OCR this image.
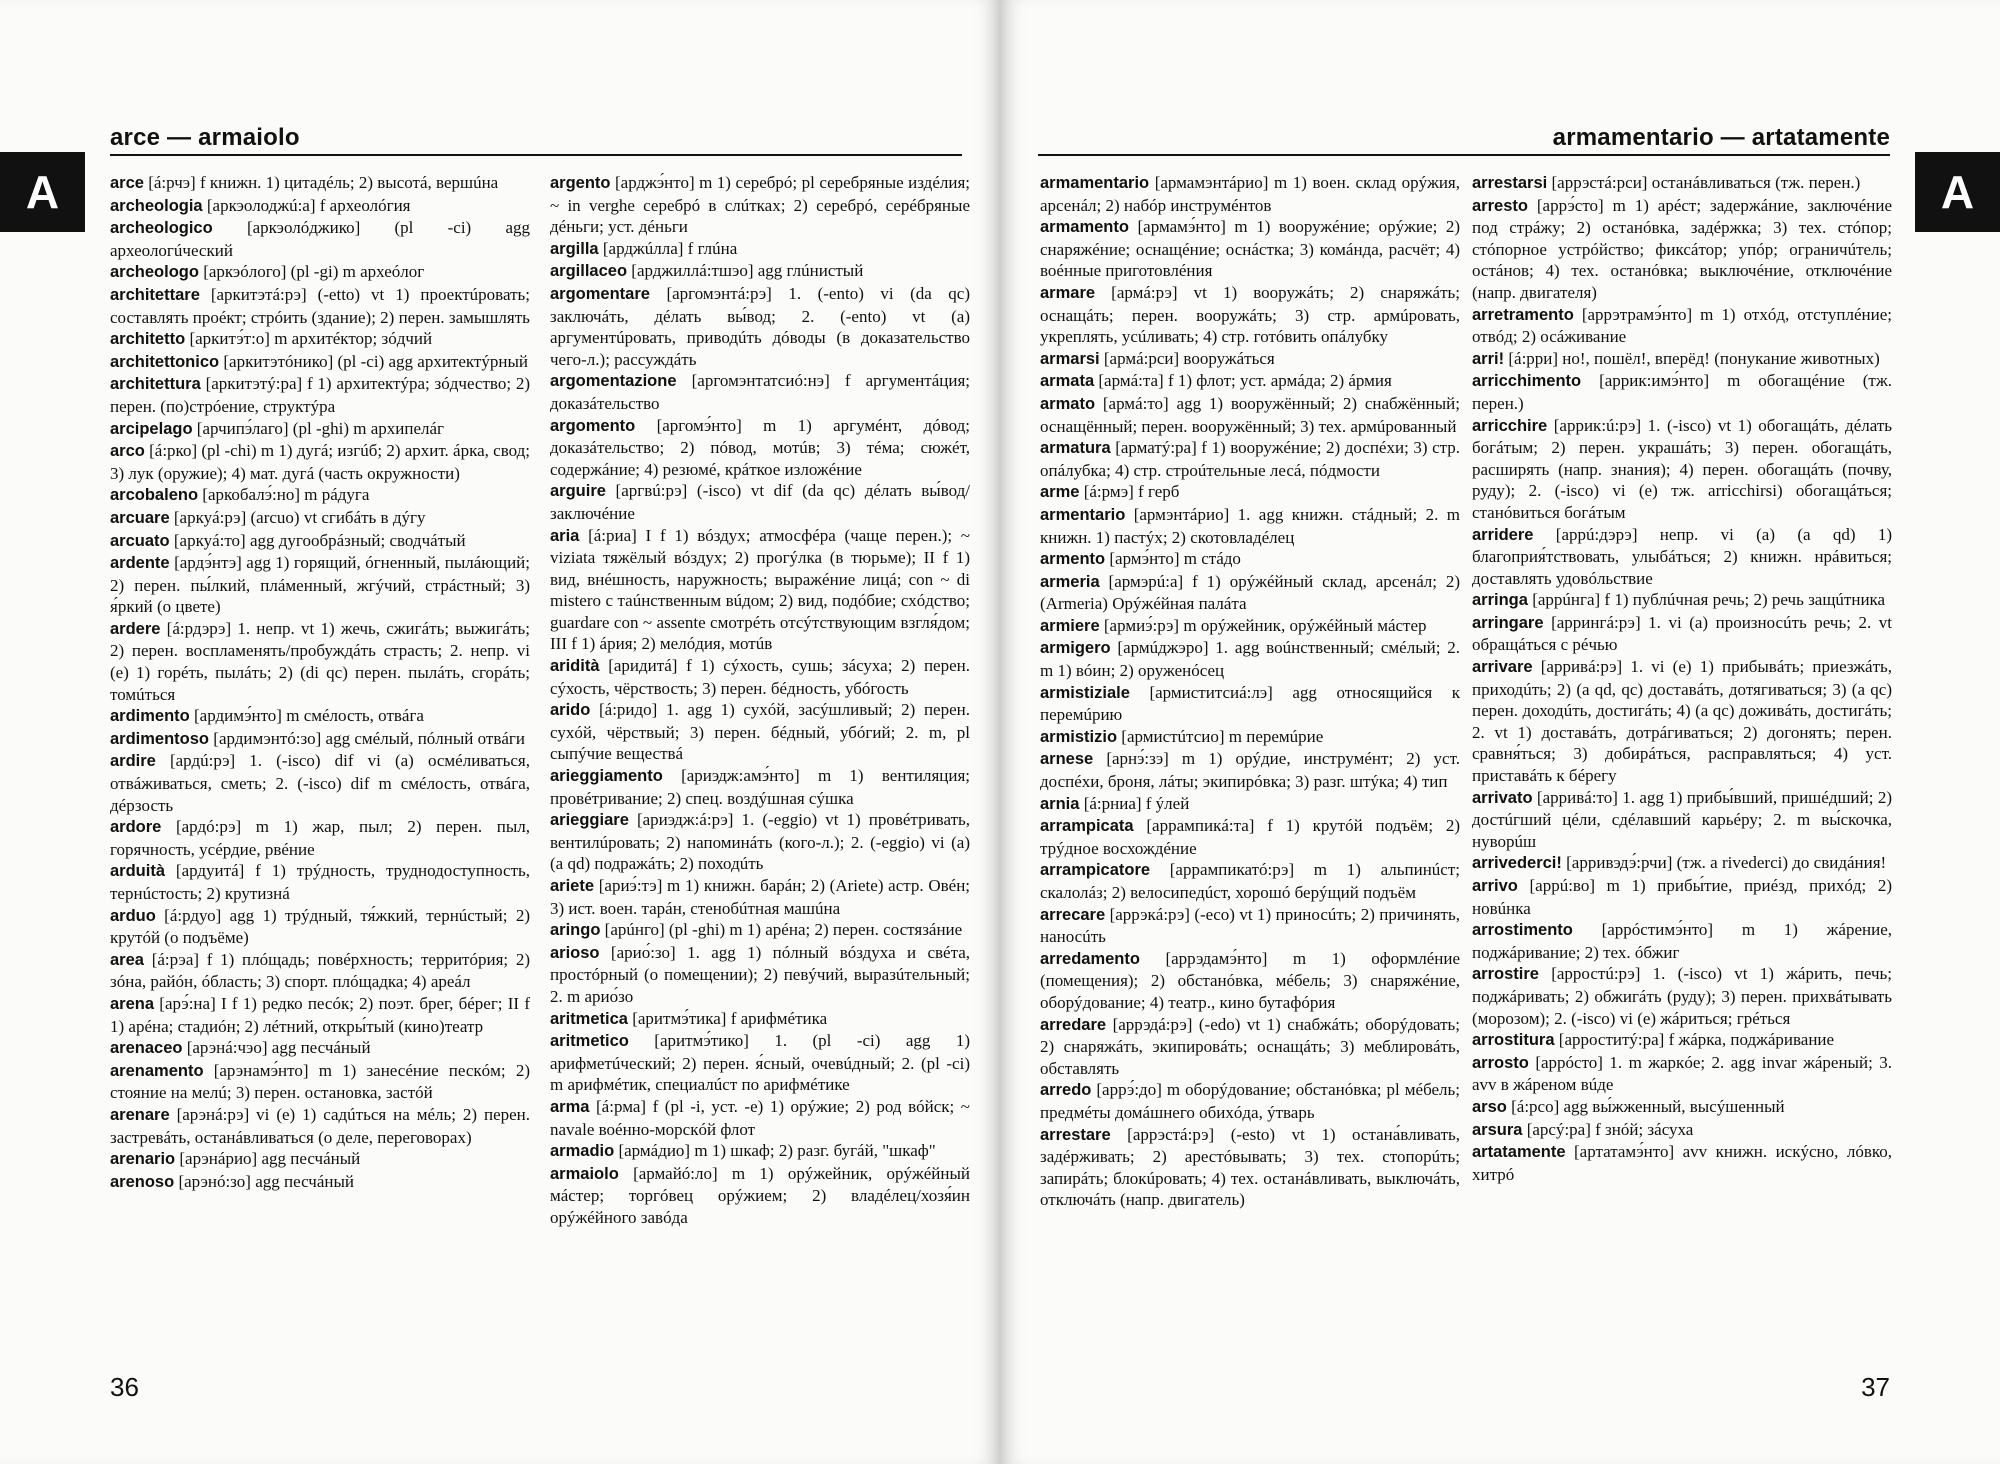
arce — armaiolo
A	arce [á:рчэ] f книжн. 1) цитадéль; 2) высотá, вершúна

archeologia [аркэолоджú:а] f археолóгия

archeologico [аркэолóджико] (pl -ci) agg археологúческий

archeologo [аркэóлого] (pl -gi) m археóлог

architettare [аркитэтá:рэ] (-etto) vt 1) проектúровать; составлять проéкт; стрóить (здание); 2) перен. замышлять

architetto [аркитэ́т:о] m архитéктор; зóдчий

architettonico [аркитэтóнико] (pl -ci) agg архитектýрный

architettura [аркитэтý:ра] f 1) архитектýра; зóдчество; 2) перен. (по)стрóение, структýра

arcipelago [арчипэ́лаго] (pl -ghi) m архипелáг

arco [á:рко] (pl -chi) m 1) дугá; изгúб; 2) архит. áрка, свод; 3) лук (оружие); 4) мат. дугá (часть окружности)

arcobaleno [аркобалэ́:но] m рáдуга

arcuare [аркуá:рэ] (arcuo) vt сгибáть в дýгу

arcuato [аркуá:то] agg дугообрáзный; сводчáтый

ardente [ардэ́нтэ] agg 1) горящий, óгненный, пылáющий; 2) перен. пы́лкий, плáменный, жгýчий, стрáстный; 3) я́ркий (о цвете)

ardere [á:рдэрэ] 1. непр. vt 1) жечь, сжигáть; выжигáть; 2) перен. воспламенять/пробуждáть страсть; 2. непр. vi (e) 1) горéть, пылáть; 2) (di qc) перен. пылáть, сгорáть; томúться

ardimento [ардимэ́нто] m смéлость, отвáга

ardimentoso [ардимэнтó:зо] agg смéлый, пóлный отвáги

ardire [ардú:рэ] 1. (-isco) dif vi (a) осмéливаться, отвáживаться, сметь; 2. (-isco) dif m смéлость, отвáга, дéрзость

ardore [ардó:рэ] m 1) жар, пыл; 2) перен. пыл, горячность, усéрдие, рвéние

arduità [ардуитá] f 1) трýдность, труднодоступность, тернúстость; 2) крутизнá

arduo [á:рдуо] agg 1) трýдный, тя́жкий, тернúстый; 2) крутóй (о подъёме)

area [á:рэа] f 1) плóщадь; повéрхность; территóрия; 2) зóна, райóн, óбласть; 3) спорт. плóщадка; 4) ареáл

arena [арэ́:на] I f 1) редко песóк; 2) поэт. брег, бéрег; II f 1) арéна; стадиóн; 2) лéтний, откры́тый (кино)театр

arenaceo [арэнá:чэо] agg песчáный

arenamento [арэнамэ́нто] m 1) занесéние пескóм; 2) стояние на мелú; 3) перен. остановка, застóй

arenare [арэнá:рэ] vi (e) 1) садúться на мéль; 2) перен. застревáть, останáвливаться (о деле, переговорах)

arenario [арэнáрио] agg песчáный

arenoso [арэнó:зо] agg песчáный

argento [арджэ́нто] m 1) серебрó; pl серебряные издéлия; ~ in verghe серебрó в слúтках; 2) серебрó, серéбряные дéньги; уст. дéньги

argilla [арджúлла] f глúна

argillaceo [арджиллá:тшэо] agg глúнистый

argomentare [аргомэнтá:рэ] 1. (-ento) vi (da qc) заключáть, дéлать вы́вод; 2. (-ento) vt (a) аргументúровать, приводúть дóводы (в доказательство чего-л.); рассуждáть

argomentazione [аргомэнтатсиó:нэ] f аргументáция; доказáтельство

argomento [аргомэ́нто] m 1) аргумéнт, дóвод; доказáтельство; 2) пóвод, мотúв; 3) тéма; сюжéт, содержáние; 4) резюмé, крáткое изложéние

arguire [аргвú:рэ] (-isco) vt dif (da qc) дéлать вы́вод/заключéние

aria [á:риа] I f 1) вóздух; атмосфéра (чаще перен.); ~ viziata тяжёлый вóздух; 2) прогýлка (в тюрьме); II f 1) вид, внéшность, наружность; выражéние лицá; con ~ di mistero с таúнственным вúдом; 2) вид, подóбие; схóдство; guardare con ~ assente смотрéть отсýтствующим взгля́дом; III f 1) áрия; 2) мелóдия, мотúв

aridità [аридитá] f 1) сýхость, сушь; зáсуха; 2) перен. сýхость, чёрствость; 3) перен. бéдность, убóгость

arido [á:ридо] 1. agg 1) сухóй, засýшливый; 2) перен. сухóй, чёрствый; 3) перен. бéдный, убóгий; 2. m, pl сыпýчие веществá

arieggiamento [ариэдж:амэ́нто] m 1) вентиляция; провéтривание; 2) спец. воздýшная сýшка

arieggiare [ариэдж:á:рэ] 1. (-eggio) vt 1) провéтривать, вентилúровать; 2) напоминáть (кого-л.); 2. (-eggio) vi (a) (a qd) подражáть; 2) походúть

ariete [ариэ́:тэ] m 1) книжн. барáн; 2) (Ariete) астр. Овéн; 3) ист. воен. тарáн, стенобúтная машúна

aringo [арúнго] (pl -ghi) m 1) арéна; 2) перен. состязáние

arioso [арио́:зо] 1. agg 1) пóлный вóздуха и свéта, простóрный (о помещении); 2) певýчий, выразúтельный; 2. m арио́зо

aritmetica [аритмэ́тика] f арифмéтика

aritmetico [аритмэ́тико] 1. (pl -ci) agg 1) арифметúческий; 2) перен. я́сный, очевúдный; 2. (pl -ci) m арифмéтик, специалúст по арифмéтике

arma [á:рма] f (pl -i, уст. -e) 1) орýжие; 2) род вóйск; ~ navale воéнно-морскóй флот

armadio [армáдио] m 1) шкаф; 2) разг. бугáй, "шкаф"

armaiolo [армайó:ло] m 1) орýжейник, орýжéйный мáстер; торгóвец орýжием; 2) владéлец/хозя́ин орýжéйного завóда

36
armamentario — artatamente
A

armamentario [армамэнтáрио] m 1) воен. склад орýжия, арсенáл; 2) набóр инструмéнтов

armamento [армамэ́нто] m 1) вооружéние; орýжие; 2) снаряжéние; оснащéние; оснáстка; 3) комáнда, расчёт; 4) воéнные приготовлéния

armare [армá:рэ] vt 1) вооружáть; 2) снаряжáть; оснащáть; перен. вооружáть; 3) стр. армúровать, укреплять, усúливать; 4) стр. готóвить опáлубку

armarsi [армá:рси] вооружáться

armata [армá:та] f 1) флот; уст. армáда; 2) áрмия

armato [армá:то] agg 1) вооружённый; 2) снабжённый; оснащённый; перен. вооружённый; 3) тех. армúрованный

armatura [арматý:ра] f 1) вооружéние; 2) доспéхи; 3) стр. опáлубка; 4) стр. строúтельные лесá, пóдмости

arme [á:рмэ] f герб

armentario [армэнтáрио] 1. agg книжн. стáдный; 2. m книжн. 1) пастýх; 2) скотовладéлец

armento [армэ́нто] m стáдо

armeria [армэрú:а] f 1) орýжéйный склад, арсенáл; 2) (Armeria) Орýжéйная палáта

armiere [армиэ́:рэ] m орýжейник, орýжéйный мáстер

armigero [армúджэро] 1. agg воúнственный; смéлый; 2. m 1) вóин; 2) оруженóсец

armistiziale [армиститсиá:лэ] agg относящийся к перемúрию

armistizio [армистúтсио] m перемúрие

arnese [арнэ́:зэ] m 1) орýдие, инструмéнт; 2) уст. доспéхи, броня, лáты; экипирóвка; 3) разг. штýка; 4) тип

arnia [á:рниа] f ýлей

arrampicata [аррампикá:та] f 1) крутóй подъём; 2) трýдное восхождéние

arrampicatore [аррампикатó:рэ] m 1) альпинúст; скалолáз; 2) велосипедúст, хорошó берýщий подъём

arrecare [аррэкá:рэ] (-eco) vt 1) приносúть; 2) причинять, наносúть

arredamento [аррэдамэ́нто] m 1) оформлéние (помещения); 2) обстанóвка, мéбель; 3) снаряжéние, оборýдование; 4) театр., кино бутафóрия

arredare [аррэдá:рэ] (-edo) vt 1) снабжáть; оборýдовать; 2) снаряжáть, экипировáть; оснащáть; 3) меблировáть, обставлять

arredo [аррэ́:до] m оборýдование; обстанóвка; pl мéбель; предмéты домáшнего обихóда, ýтварь

arrestare [аррэстá:рэ] (-esto) vt 1) остана́вливать, задéрживать; 2) арестóвывать; 3) тех. стопорúть; запирáть; блокúровать; 4) тех. останáвливать, выключáть, отключáть (напр. двигатель)

arrestarsi [аррэстá:рси] останáвливаться (тж. перен.)

arresto [аррэ́сто] m 1) арéст; задержáние, заключéние под стрáжу; 2) останóвка, задéржка; 3) тех. стóпор; стóпорное устрóйство; фиксáтор; упóр; ограничúтель; остáнов; 4) тех. останóвка; выключéние, отключéние (напр. двигателя)

arretramento [аррэтрамэ́нто] m 1) отхóд, отступлéние; отвóд; 2) осáживание

arri! [á:рри] но!, пошёл!, вперёд! (понукание животных)

arricchimento [аррик:имэ́нто] m обогащéние (тж. перен.)

arricchire [аррик:ú:рэ] 1. (-isco) vt 1) обогащáть, дéлать богáтым; 2) перен. украшáть; 3) перен. обогащáть, расширять (напр. знания); 4) перен. обогащáть (почву, руду); 2. (-isco) vi (e) тж. arricchirsi) обогащáться; станóвиться богáтым

arridere [аррú:дэрэ] непр. vi (a) (a qd) 1) благоприя́тствовать, улыбáться; 2) книжн. нрáвиться; доставлять удовóльствие

arringa [аррúнга] f 1) публúчная речь; 2) речь защúтника

arringare [аррингá:рэ] 1. vi (a) произносúть речь; 2. vt обращáться с рéчью

arrivare [арривá:рэ] 1. vi (e) 1) прибывáть; приезжáть, приходúть; 2) (a qd, qc) доставáть, дотягиваться; 3) (a qc) перен. доходúть, достигáть; 4) (a qc) доживáть, достигáть; 2. vt 1) доставáть, дотрáгиваться; 2) догонять; перен. сравня́ться; 3) добирáться, расправляться; 4) уст. приставáть к бéрегу

arrivato [арривá:то] 1. agg 1) прибы́вший, пришéдший; 2) достúгший цéли, сдéлавший карьéру; 2. m вы́скочка, нуворúш

arrivederci! [арривэдэ́:рчи] (тж. a rivederci) до свидáния!

arrivo [аррú:во] m 1) прибы́тие, приéзд, прихóд; 2) новúнка

arrostimento [аррóстимэ́нто] m 1) жáрение, поджáривание; 2) тех. óбжиг

arrostire [арростú:рэ] 1. (-isco) vt 1) жáрить, печь; поджáривать; 2) обжигáть (руду); 3) перен. прихвáтывать (морозом); 2. (-isco) vi (e) жáриться; грéться

arrostitura [арроститý:ра] f жáрка, поджáривание

arrosto [аррóсто] 1. m жаркóе; 2. agg invar жáреный; 3. avv в жáреном вúде

arso [á:рсо] agg вы́жженный, высýшенный

arsura [арсý:ра] f знóй; зáсуха

artatamente [артатамэ́нто] avv книжн. искýсно, лóвко, хитрó

37
